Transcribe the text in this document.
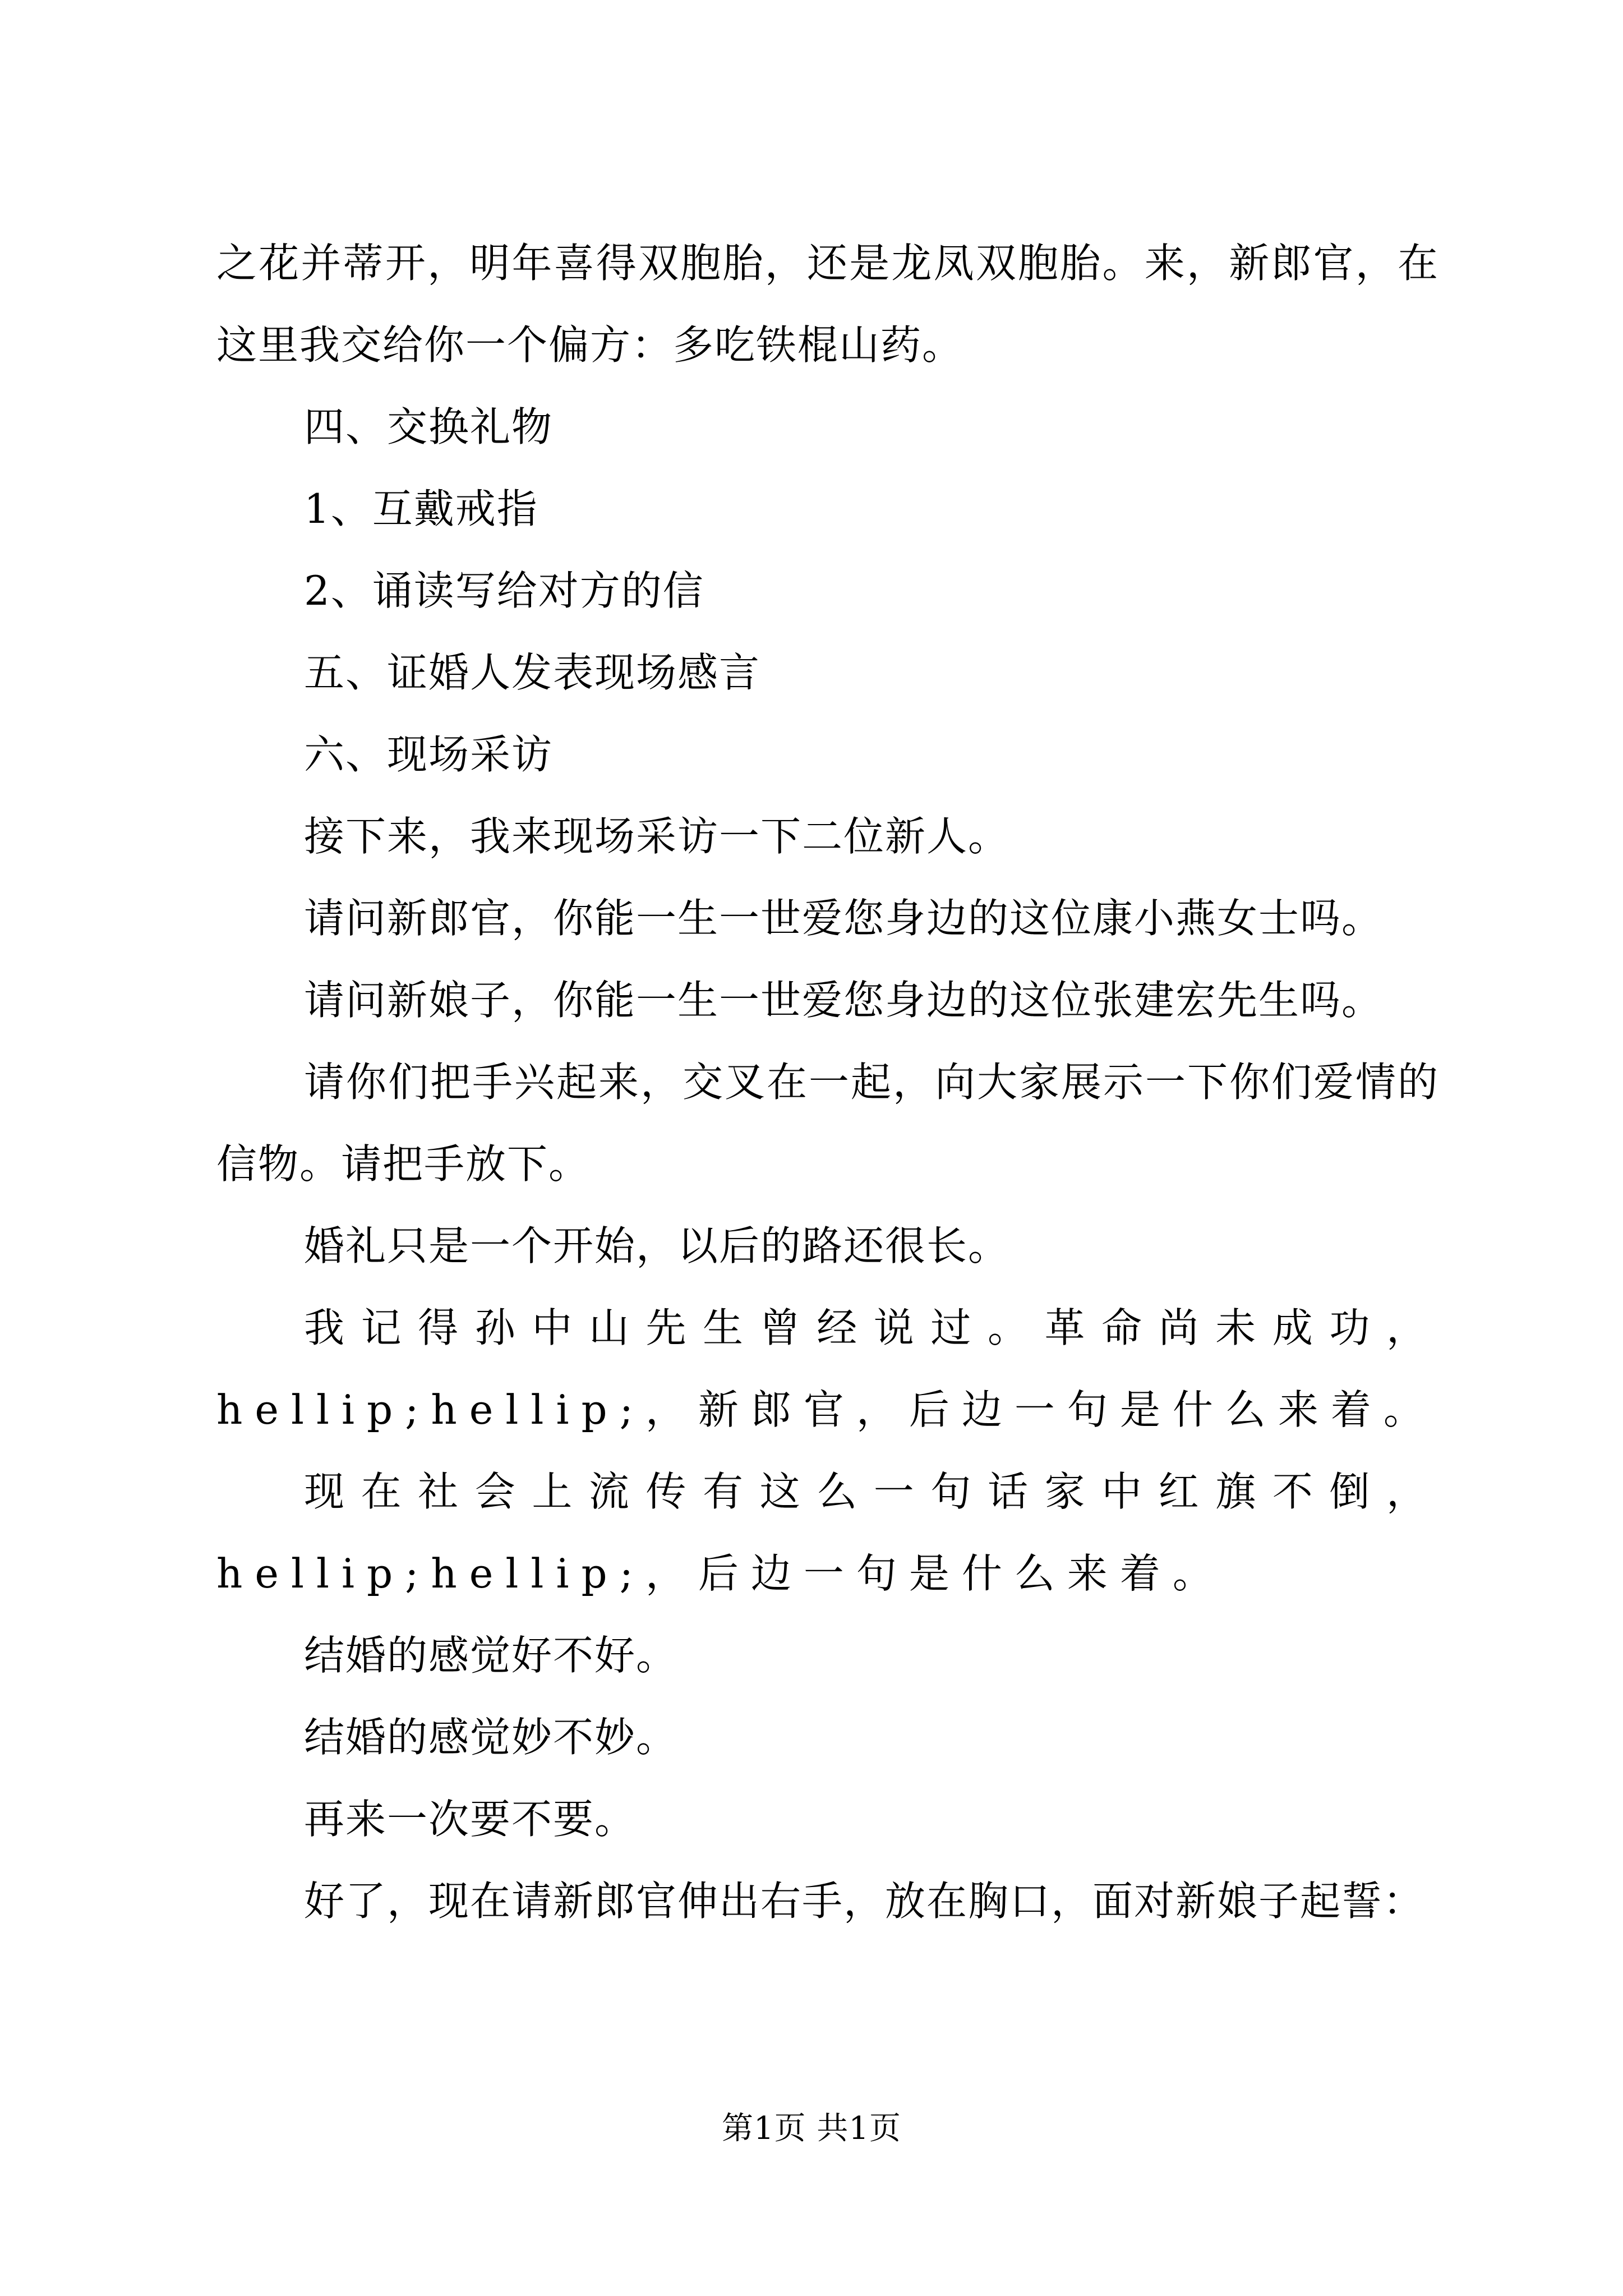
之花并蒂开，明年喜得双胞胎，还是龙凤双胞胎。来，新郎官，在这里我交给你一个偏方：多吃铁棍山药。

四、交换礼物

1、互戴戒指

2、诵读写给对方的信

五、证婚人发表现场感言

六、现场采访

接下来，我来现场采访一下二位新人。

请问新郎官，你能一生一世爱您身边的这位康小燕女士吗。

请问新娘子，你能一生一世爱您身边的这位张建宏先生吗。

请你们把手兴起来，交叉在一起，向大家展示一下你们爱情的信物。请把手放下。

婚礼只是一个开始，以后的路还很长。

我记得孙中山先生曾经说过。革命尚未成功，hellip;hellip;，新郎官，后边一句是什么来着。

现在社会上流传有这么一句话家中红旗不倒，hellip;hellip;，后边一句是什么来着。

结婚的感觉好不好。

结婚的感觉妙不妙。

再来一次要不要。

好了，现在请新郎官伸出右手，放在胸口，面对新娘子起誓：

第1页 共1页
